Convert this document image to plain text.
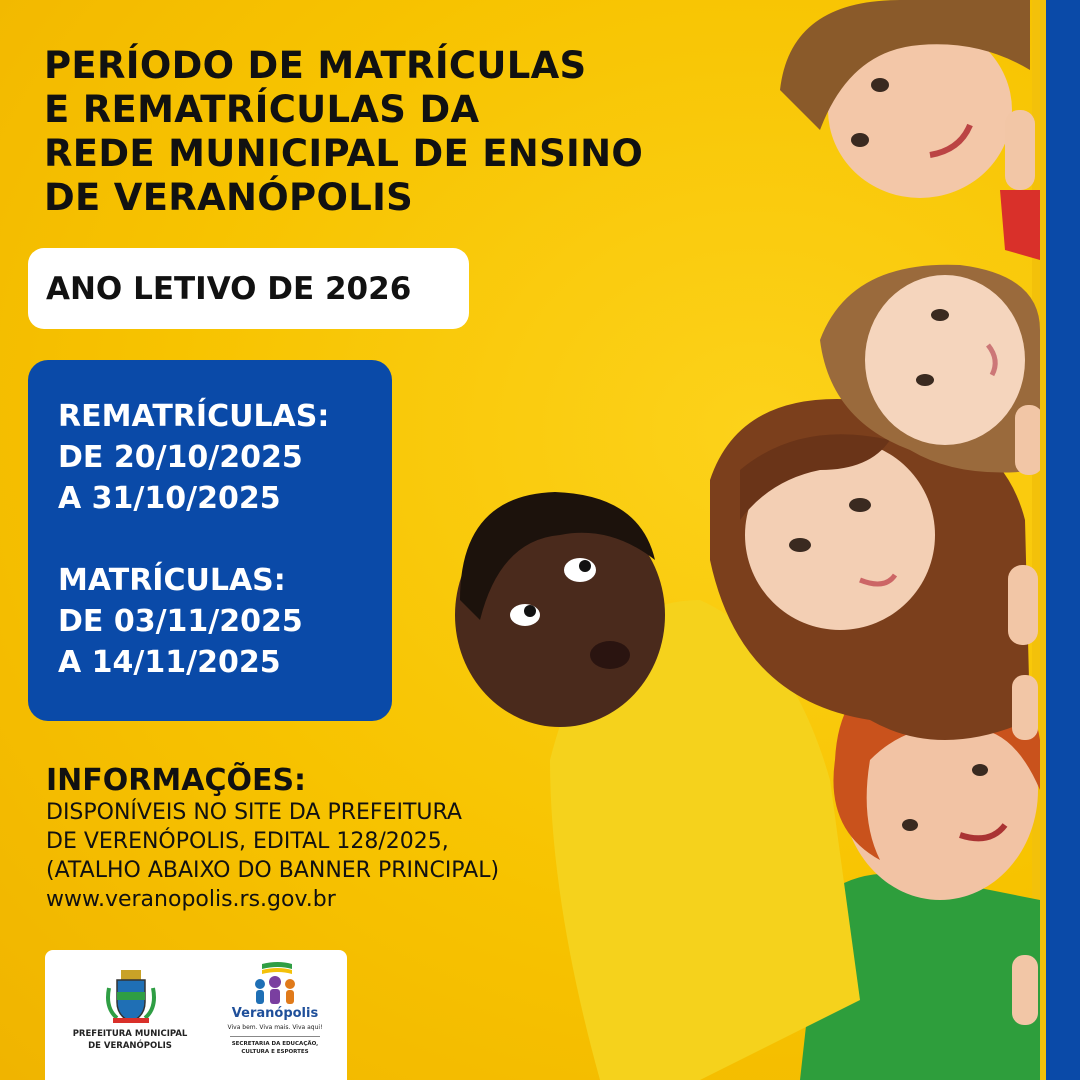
PERÍODO DE MATRÍCULAS
E REMATRÍCULAS DA
REDE MUNICIPAL DE ENSINO
DE VERANÓPOLIS
ANO LETIVO DE 2026
REMATRÍCULAS:
DE 20/10/2025
A 31/10/2025
MATRÍCULAS:
DE 03/11/2025
A 14/11/2025
INFORMAÇÕES:
DISPONÍVEIS NO SITE DA PREFEITURA
DE VERENÓPOLIS, EDITAL 128/2025,
(ATALHO ABAIXO DO BANNER PRINCIPAL)
www.veranopolis.rs.gov.br
PREFEITURA MUNICIPAL
DE VERANÓPOLIS
Veranópolis
Viva bem. Viva mais. Viva aqui!
SECRETARIA DA EDUCAÇÃO,
CULTURA E ESPORTES
